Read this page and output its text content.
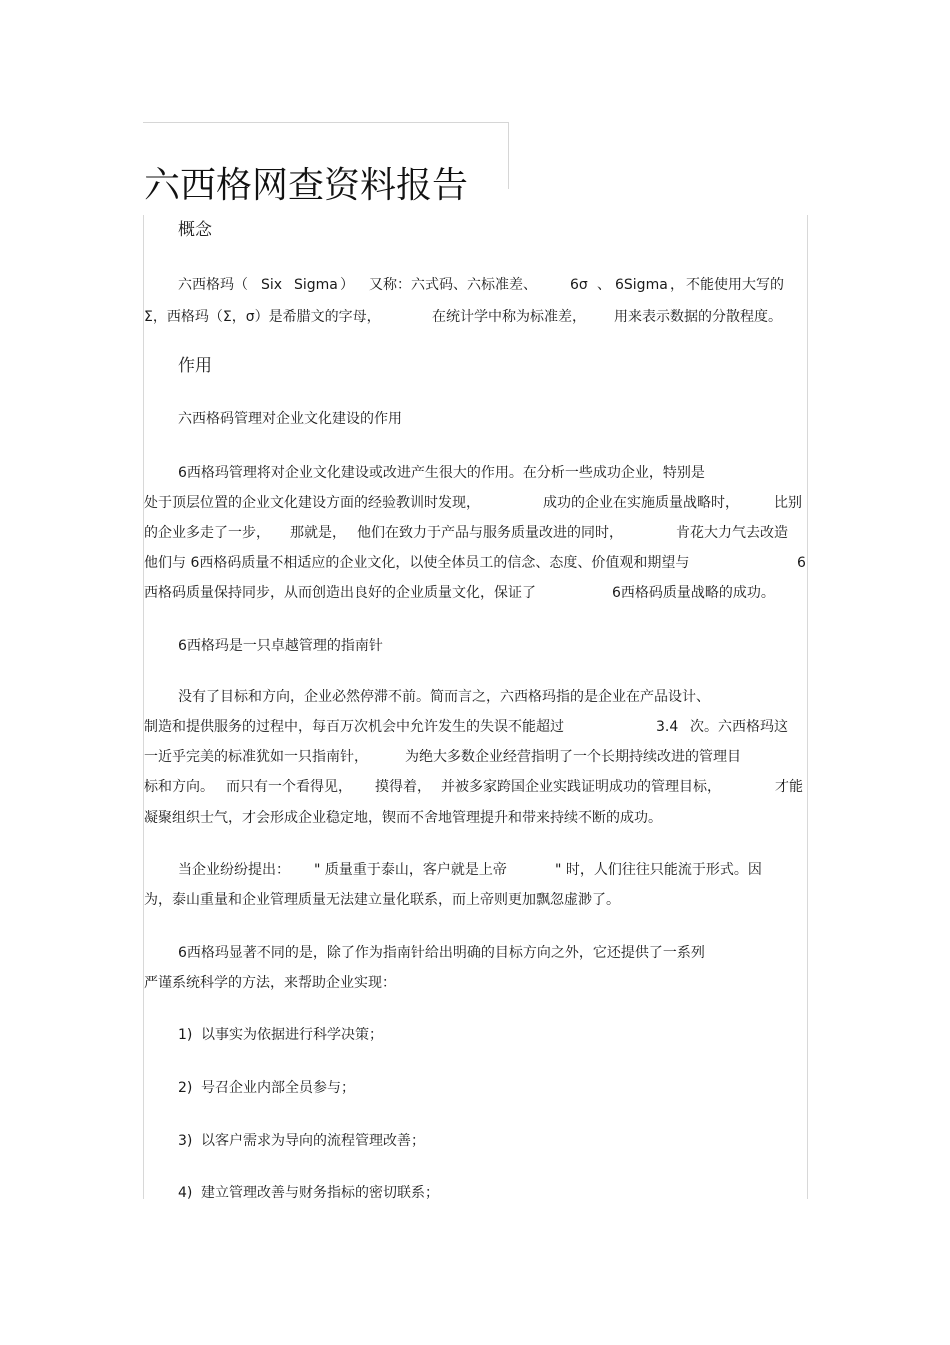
六西格网查资料报告
概念
六西格玛（ Six Sigma ） 又称：六式码、六标准差、 6σ 、 6Sigma ， 不能使用大写的
Σ，西格玛（Σ，σ）是希腊文的字母，	在统计学中称为标准差， 用来表示数据的分散程度。
作用
六西格码管理对企业文化建设的作用
6西格玛管理将对企业文化建设或改进产生很大的作用。在分析一些成功企业，特别是
处于顶层位置的企业文化建设方面的经验教训时发现，	成功的企业在实施质量战略时，	比别
的企业多走了一步， 那就是， 他们在致力于产品与服务质量改进的同时，	肯花大力气去改造
他们与 6西格码质量不相适应的企业文化，以使全体员工的信念、态度、价值观和期望与	6
西格码质量保持同步，从而创造出良好的企业质量文化，保证了	6西格码质量战略的成功。
6西格玛是一只卓越管理的指南针
没有了目标和方向，企业必然停滞不前。简而言之，六西格玛指的是企业在产品设计、
制造和提供服务的过程中，每百万次机会中允许发生的失误不能超过	3.4 次。六西格玛这
一近乎完美的标准犹如一只指南针，	为绝大多数企业经营指明了一个长期持续改进的管理目
标和方向。 而只有一个看得见， 摸得着， 并被多家跨国企业实践证明成功的管理目标，	才能
凝聚组织士气，才会形成企业稳定地，锲而不舍地管理提升和带来持续不断的成功。
当企业纷纷提出： " 质量重于泰山，客户就是上帝	" 时，人们往往只能流于形式。因
为，泰山重量和企业管理质量无法建立量化联系，而上帝则更加飘忽虚渺了。
6西格玛显著不同的是，除了作为指南针给出明确的目标方向之外，它还提供了一系列
严谨系统科学的方法，来帮助企业实现：
1) 以事实为依据进行科学决策；
2) 号召企业内部全员参与；
3) 以客户需求为导向的流程管理改善；
4) 建立管理改善与财务指标的密切联系；
